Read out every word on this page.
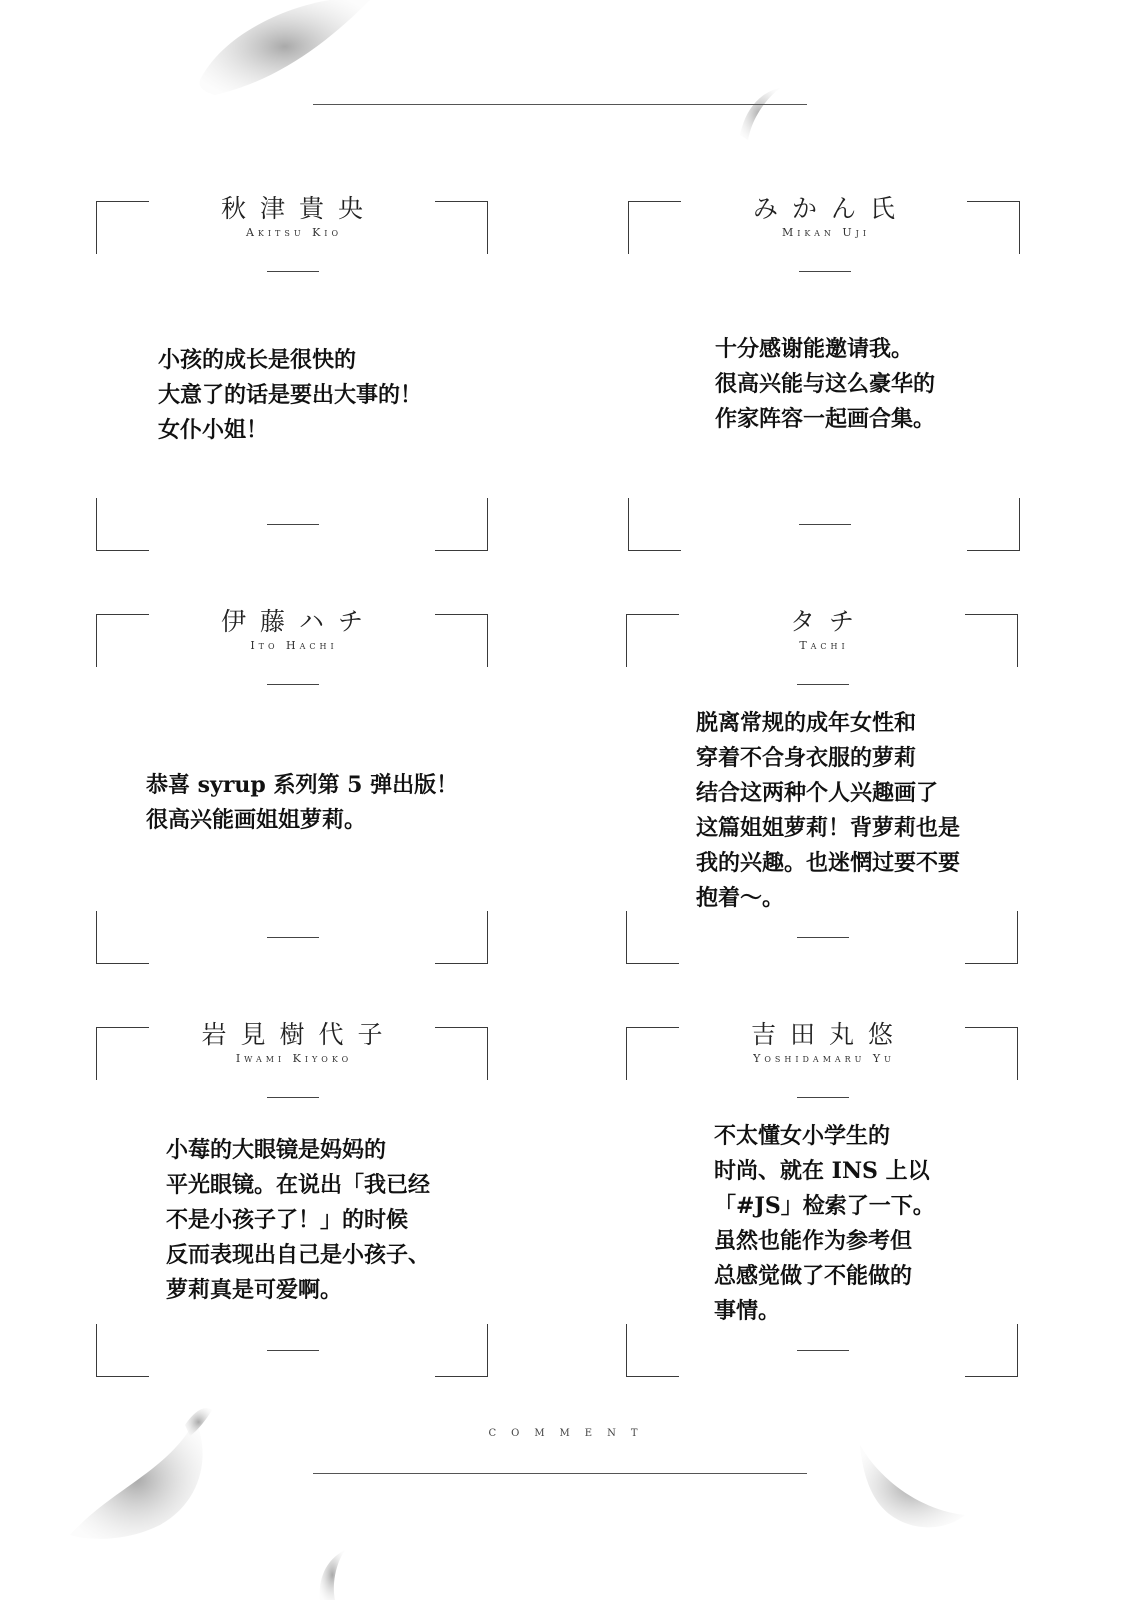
秋津貴央
Akitsu Kio
小孩的成长是很快的
大意了的话是要出大事的！
女仆小姐！
みかん氏
Mikan Uji
十分感谢能邀请我。
很高兴能与这么豪华的
作家阵容一起画合集。
伊藤ハチ
Ito Hachi
恭喜 syrup 系列第 5 弹出版！
很高兴能画姐姐萝莉。
タチ
Tachi
脱离常规的成年女性和
穿着不合身衣服的萝莉
结合这两种个人兴趣画了
这篇姐姐萝莉！背萝莉也是
我的兴趣。也迷惘过要不要
抱着～。
岩見樹代子
Iwami Kiyoko
小莓的大眼镜是妈妈的
平光眼镜。在说出「我已经
不是小孩子了！」的时候
反而表现出自己是小孩子、
萝莉真是可爱啊。
吉田丸悠
Yoshidamaru Yu
不太懂女小学生的
时尚、就在 INS 上以
「#JS」检索了一下。
虽然也能作为参考但
总感觉做了不能做的
事情。
COMMENT
